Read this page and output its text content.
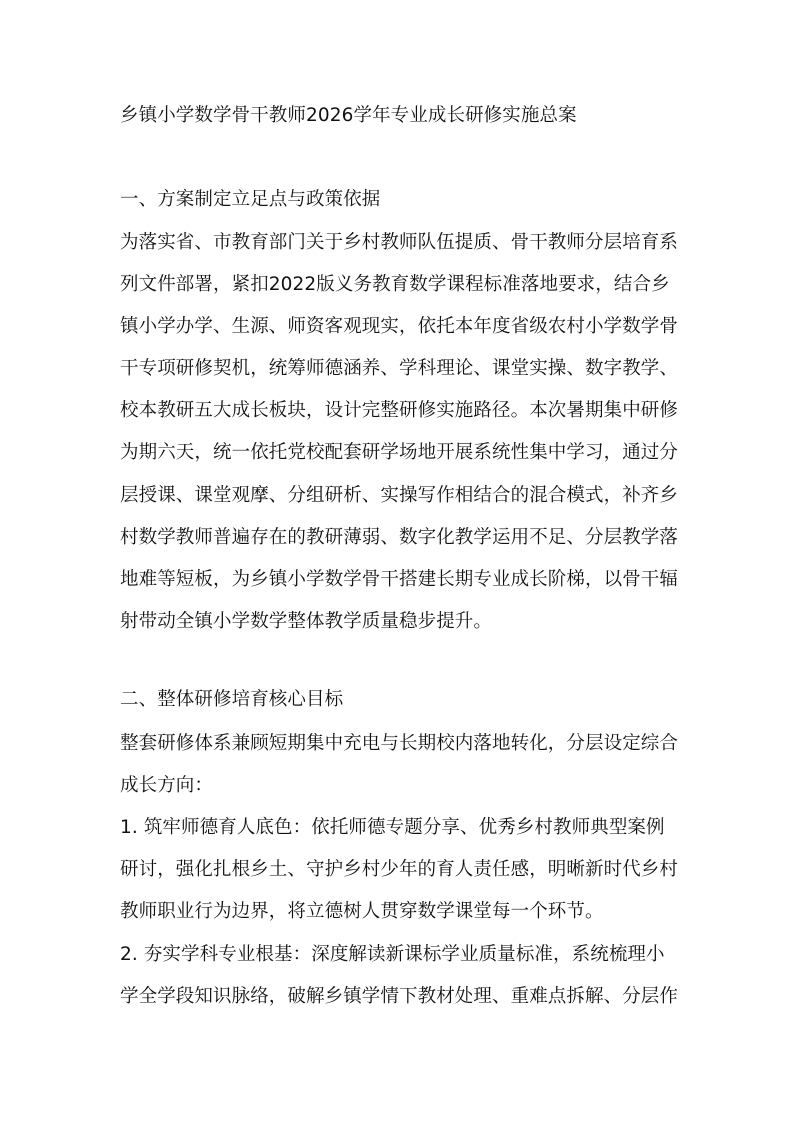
乡镇小学数学骨干教师2026学年专业成长研修实施总案
一、方案制定立足点与政策依据
为落实省、市教育部门关于乡村教师队伍提质、骨干教师分层培育系
列文件部署，紧扣2022版义务教育数学课程标准落地要求，结合乡
镇小学办学、生源、师资客观现实，依托本年度省级农村小学数学骨
干专项研修契机，统筹师德涵养、学科理论、课堂实操、数字教学、
校本教研五大成长板块，设计完整研修实施路径。本次暑期集中研修
为期六天，统一依托党校配套研学场地开展系统性集中学习，通过分
层授课、课堂观摩、分组研析、实操写作相结合的混合模式，补齐乡
村数学教师普遍存在的教研薄弱、数字化教学运用不足、分层教学落
地难等短板，为乡镇小学数学骨干搭建长期专业成长阶梯，以骨干辐
射带动全镇小学数学整体教学质量稳步提升。
二、整体研修培育核心目标
整套研修体系兼顾短期集中充电与长期校内落地转化，分层设定综合
成长方向：
1. 筑牢师德育人底色：依托师德专题分享、优秀乡村教师典型案例
研讨，强化扎根乡土、守护乡村少年的育人责任感，明晰新时代乡村
教师职业行为边界，将立德树人贯穿数学课堂每一个环节。
2. 夯实学科专业根基：深度解读新课标学业质量标准，系统梳理小
学全学段知识脉络，破解乡镇学情下教材处理、重难点拆解、分层作
